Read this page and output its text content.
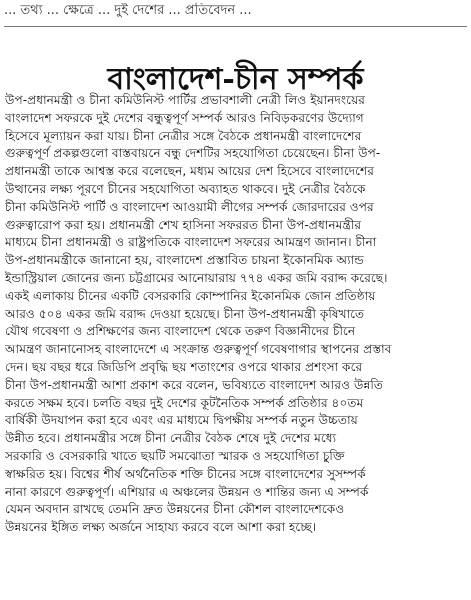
... তথ্য ... ক্ষেত্রে ... দুই দেশের ... প্রতিবেদন ...
বাংলাদেশ-চীন সম্পর্ক
উপ-প্রধানমন্ত্রী ও চীনা কমিউনিস্ট পার্টির প্রভাবশালী নেত্রী লিও ইয়ানদংয়ের
বাংলাদেশ সফরকে দুই দেশের বন্ধুত্বপূর্ণ সম্পর্ক আরও নিবিড়করণের উদ্যোগ
হিসেবে মূল্যায়ন করা যায়। চীনা নেত্রীর সঙ্গে বৈঠকে প্রধানমন্ত্রী বাংলাদেশের
গুরুত্বপূর্ণ প্রকল্পগুলো বাস্তবায়নে বন্ধু দেশটির সহযোগিতা চেয়েছেন। চীনা উপ-
প্রধানমন্ত্রী তাকে আশ্বস্ত করে বলেছেন, মধ্যম আয়ের দেশ হিসেবে বাংলাদেশের
উত্থানের লক্ষ্য পূরণে চীনের সহযোগিতা অব্যাহত থাকবে। দুই নেত্রীর বৈঠকে
চীনা কমিউনিস্ট পার্টি ও বাংলাদেশ আওয়ামী লীগের সম্পর্ক জোরদারের ওপর
গুরুত্বারোপ করা হয়। প্রধানমন্ত্রী শেখ হাসিনা সফররত চীনা উপ-প্রধানমন্ত্রীর
মাধ্যমে চীনা প্রধানমন্ত্রী ও রাষ্ট্রপতিকে বাংলাদেশ সফরের আমন্ত্রণ জানান। চীনা
উপ-প্রধানমন্ত্রীকে জানানো হয়, বাংলাদেশ প্রস্তাবিত চায়না ইকোনমিক অ্যান্ড
ইন্ডাস্ট্রিয়াল জোনের জন্য চট্টগ্রামের আনোয়ারায় ৭৭৪ একর জমি বরাদ্দ করেছে।
একই এলাকায় চীনের একটি বেসরকারি কোম্পানির ইকোনমিক জোন প্রতিষ্ঠায়
আরও ৫০৪ একর জমি বরাদ্দ দেওয়া হয়েছে। চীনা উপ-প্রধানমন্ত্রী কৃষিখাতে
যৌথ গবেষণা ও প্রশিক্ষণের জন্য বাংলাদেশ থেকে তরুণ বিজ্ঞানীদের চীনে
আমন্ত্রণ জানানোসহ বাংলাদেশে এ সংক্রান্ত গুরুত্বপূর্ণ গবেষণাগার স্থাপনের প্রস্তাব
দেন। ছয় বছর ধরে জিডিপি প্রবৃদ্ধি ছয় শতাংশের ওপরে থাকার প্রশংসা করে
চীনা উপ-প্রধানমন্ত্রী আশা প্রকাশ করে বলেন, ভবিষ্যতে বাংলাদেশ আরও উন্নতি
করতে সক্ষম হবে। চলতি বছর দুই দেশের কূটনৈতিক সম্পর্ক প্রতিষ্ঠার ৪০তম
বার্ষিকী উদযাপন করা হবে এবং এর মাধ্যমে দ্বিপক্ষীয় সম্পর্ক নতুন উচ্চতায়
উন্নীত হবে। প্রধানমন্ত্রীর সঙ্গে চীনা নেত্রীর বৈঠক শেষে দুই দেশের মধ্যে
সরকারি ও বেসরকারি খাতে ছয়টি সমঝোতা স্মারক ও সহযোগিতা চুক্তি
স্বাক্ষরিত হয়। বিশ্বের শীর্ষ অর্থনৈতিক শক্তি চীনের সঙ্গে বাংলাদেশের সুসম্পর্ক
নানা কারণে গুরুত্বপূর্ণ। এশিয়ার এ অঞ্চলের উন্নয়ন ও শান্তির জন্য এ সম্পর্ক
যেমন অবদান রাখছে তেমনি দ্রুত উন্নয়নের চীনা কৌশল বাংলাদেশকেও
উন্নয়নের ইঙ্গিত লক্ষ্য অর্জনে সাহায্য করবে বলে আশা করা হচ্ছে।
